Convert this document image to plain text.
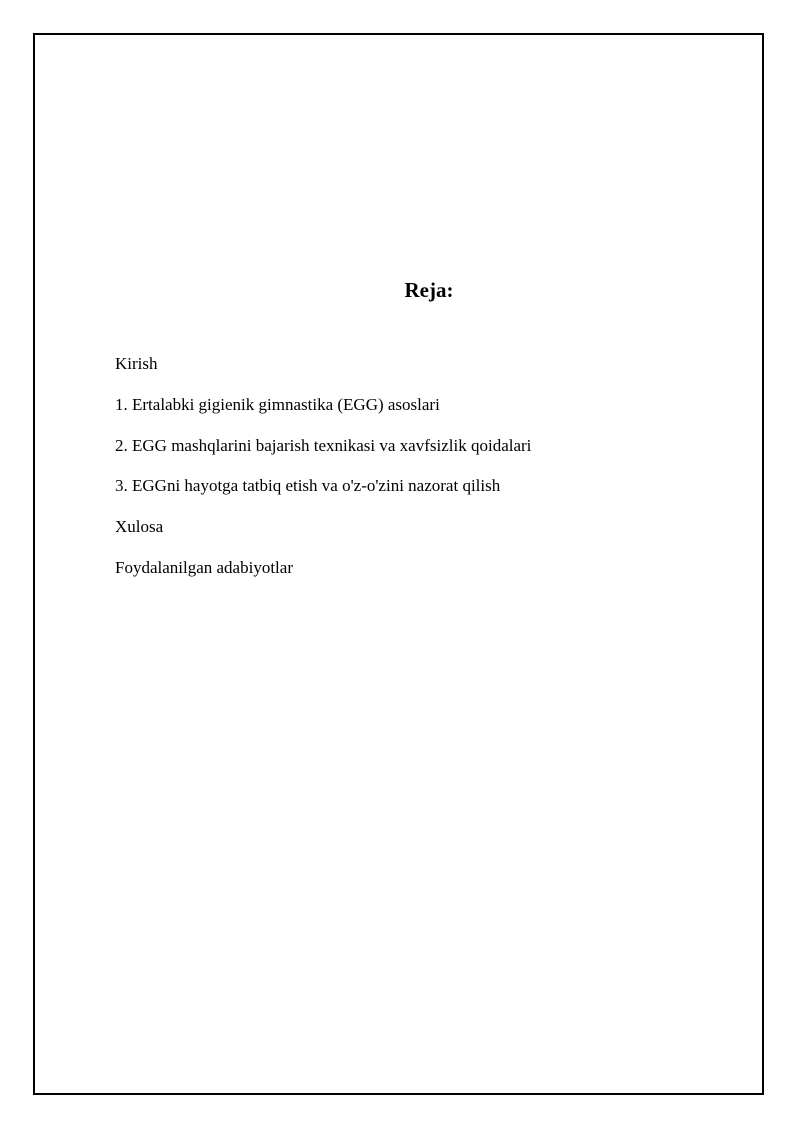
Reja:
Kirish
1. Ertalabki gigienik gimnastika (EGG) asoslari
2. EGG mashqlarini bajarish texnikasi va xavfsizlik qoidalari
3. EGGni hayotga tatbiq etish va o'z-o'zini nazorat qilish
Xulosa
Foydalanilgan adabiyotlar
